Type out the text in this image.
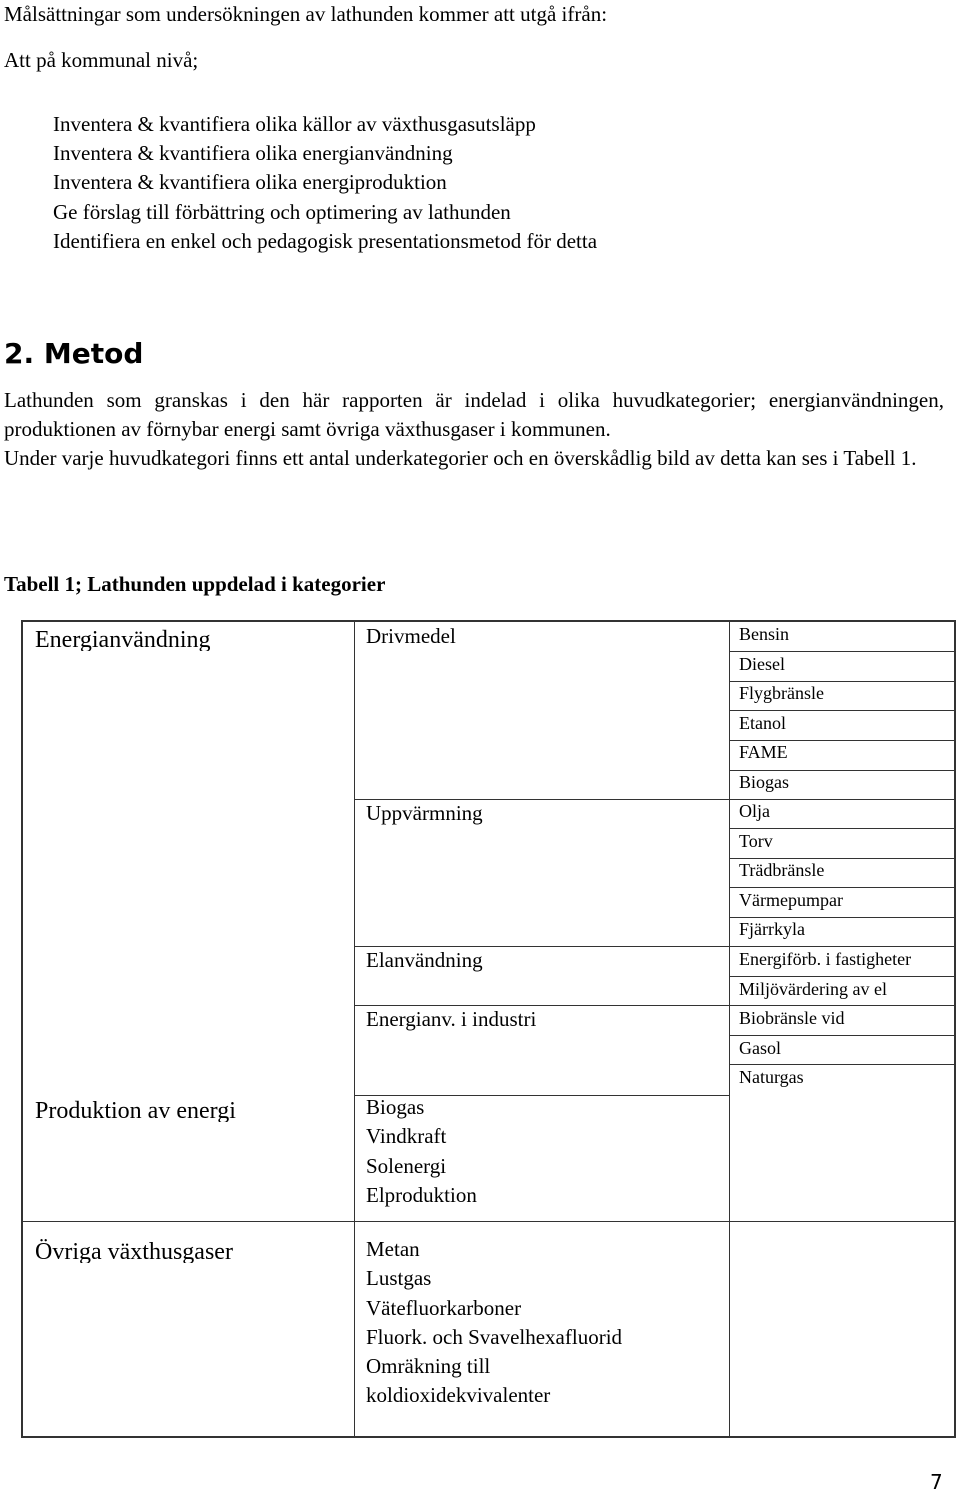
Målsättningar som undersökningen av lathunden kommer att utgå ifrån:
Att på kommunal nivå;
Inventera & kvantifiera olika källor av växthusgasutsläpp
Inventera & kvantifiera olika energianvändning
Inventera & kvantifiera olika energiproduktion
Ge förslag till förbättring och optimering av lathunden
Identifiera en enkel och pedagogisk presentationsmetod för detta
2. Metod

Lathunden som granskas i den här rapporten är indelad i olika huvudkategorier; energianvändningen, produktionen av förnybar energi samt övriga växthusgaser i kommunen.

Under varje huvudkategori finns ett antal underkategorier och en överskådlig bild av detta kan ses i Tabell 1.

Tabell 1; Lathunden uppdelad i kategorier
Energianvändning
Produktion av energi
Övriga växthusgaser
Drivmedel
Uppvärmning
Elanvändning
Energianv. i industri
Biogas
Vindkraft
Solenergi
Elproduktion
Metan
Lustgas
Vätefluorkarboner
Fluork. och Svavelhexafluorid
Omräkning till
koldioxidekvivalenter
Bensin
Diesel
Flygbränsle
Etanol
FAME
Biogas
Olja
Torv
Trädbränsle
Värmepumpar
Fjärrkyla
Energiförb. i fastigheter
Miljövärdering av el
Biobränsle vid
Gasol
Naturgas
7
